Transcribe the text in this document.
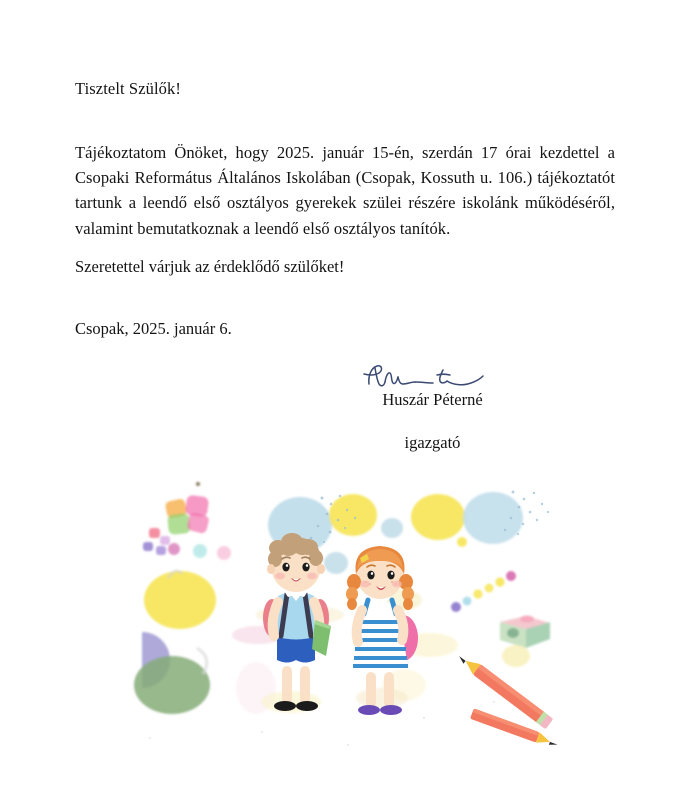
Tisztelt Szülők!

Tájékoztatom Önöket, hogy 2025. január 15-én, szerdán 17 órai kezdettel a Csopaki Református Általános Iskolában (Csopak, Kossuth u. 106.) tájékoztatót tartunk a leendő első osztályos gyerekek szülei részére iskolánk működéséről, valamint bemutatkoznak a leendő első osztályos tanítók.

Szeretettel várjuk az érdeklődő szülőket!

Csopak, 2025. január 6.

Huszár Péterné
igazgató
